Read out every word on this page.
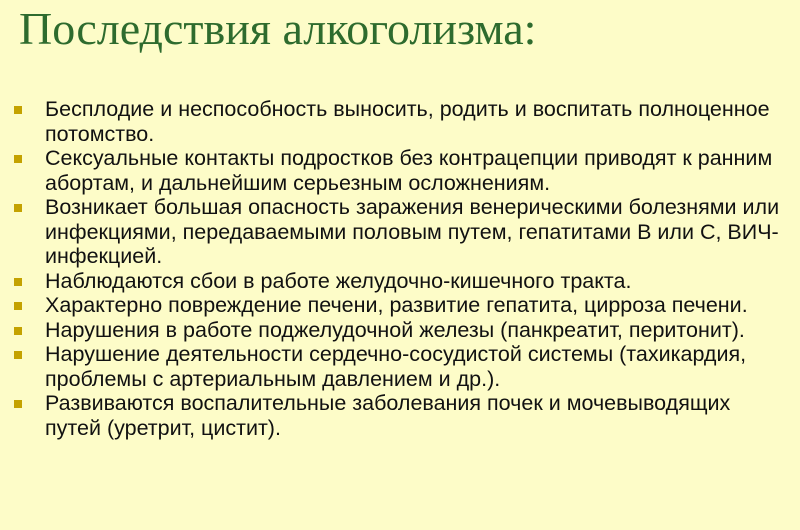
Последствия алкоголизма:
Бесплодие и неспособность выносить, родить и воспитать полноценное потомство.
Сексуальные контакты подростков без контрацепции приводят к ранним абортам, и дальнейшим серьезным осложнениям.
Возникает большая опасность заражения венерическими болезнями или инфекциями, передаваемыми половым путем, гепатитами В или С, ВИЧ-инфекцией.
Наблюдаются сбои в работе желудочно-кишечного тракта.
Характерно повреждение печени, развитие гепатита, цирроза печени.
Нарушения в работе поджелудочной железы (панкреатит, перитонит).
Нарушение деятельности сердечно-сосудистой системы (тахикардия, проблемы с артериальным давлением и др.).
Развиваются воспалительные заболевания почек и мочевыводящих путей (уретрит, цистит).
